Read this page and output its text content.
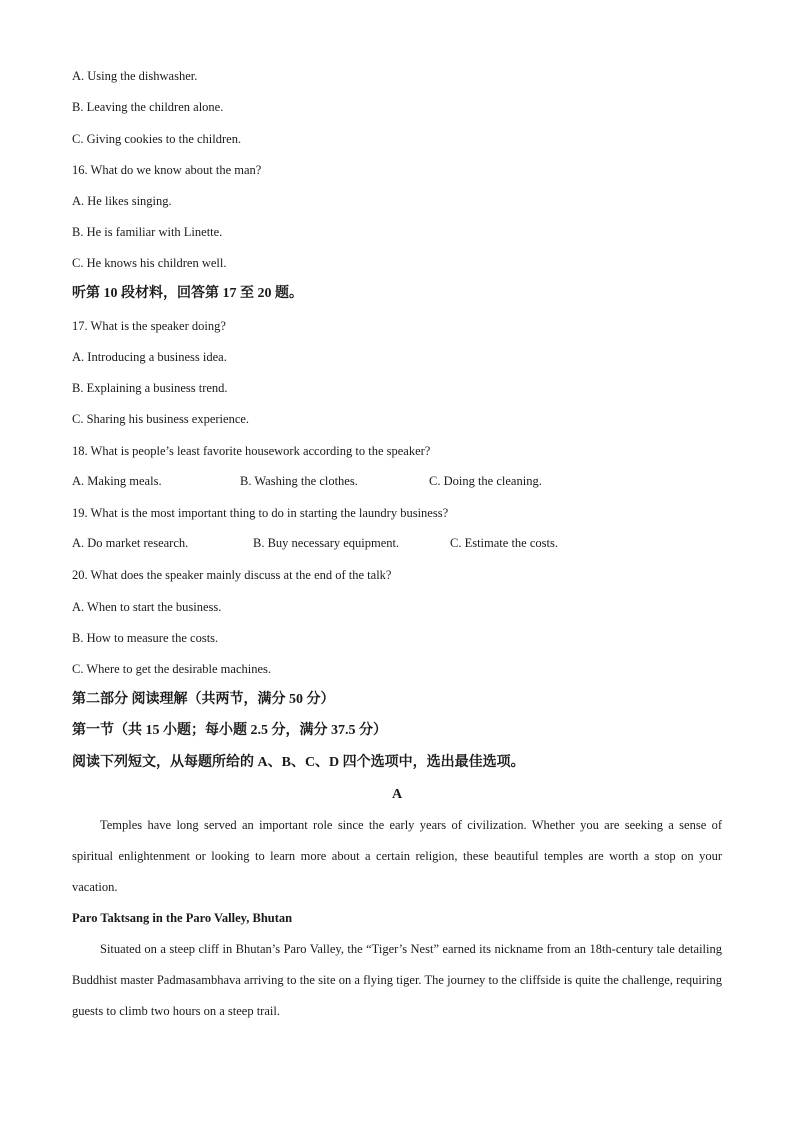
A. Using the dishwasher.
B. Leaving the children alone.
C. Giving cookies to the children.
16. What do we know about the man?
A. He likes singing.
B. He is familiar with Linette.
C. He knows his children well.
听第 10 段材料，回答第 17 至 20 题。
17. What is the speaker doing?
A. Introducing a business idea.
B. Explaining a business trend.
C. Sharing his business experience.
18. What is people’s least favorite housework according to the speaker?
A. Making meals.	B. Washing the clothes.	C. Doing the cleaning.
19. What is the most important thing to do in starting the laundry business?
A. Do market research.	B. Buy necessary equipment.	C. Estimate the costs.
20. What does the speaker mainly discuss at the end of the talk?
A. When to start the business.
B. How to measure the costs.
C. Where to get the desirable machines.
第二部分 阅读理解（共两节，满分 50 分）
第一节（共 15 小题；每小题 2.5 分，满分 37.5 分）
阅读下列短文，从每题所给的 A、B、C、D 四个选项中，选出最佳选项。
A
Temples have long served an important role since the early years of civilization. Whether you are seeking a sense of spiritual enlightenment or looking to learn more about a certain religion, these beautiful temples are worth a stop on your vacation.
Paro Taktsang in the Paro Valley, Bhutan
Situated on a steep cliff in Bhutan’s Paro Valley, the “Tiger’s Nest” earned its nickname from an 18th-century tale detailing Buddhist master Padmasambhava arriving to the site on a flying tiger. The journey to the cliffside is quite the challenge, requiring guests to climb two hours on a steep trail.
